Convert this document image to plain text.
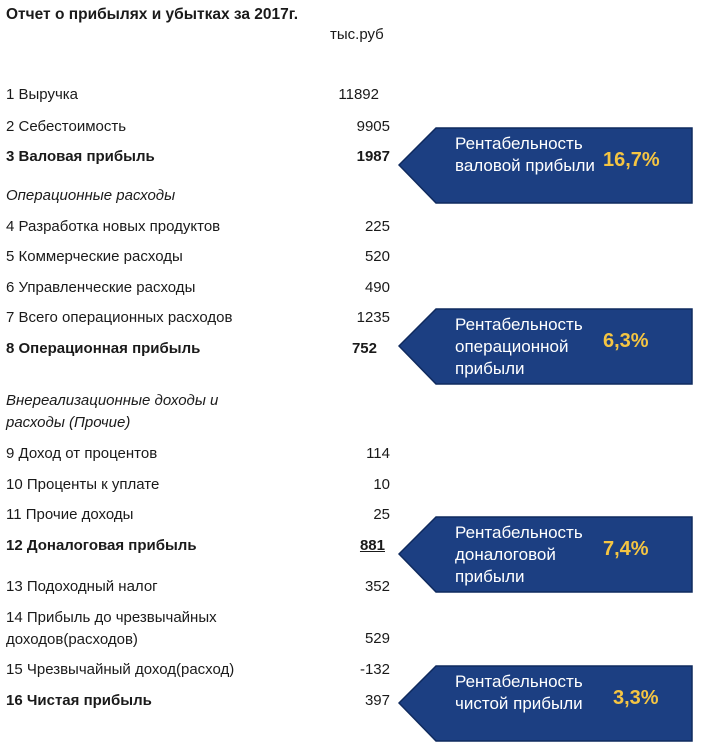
Отчет о прибылях и убытках за 2017г.
тыс.руб
1 Выручка
2 Себестоимость
3 Валовая прибыль
Операционные расходы
4 Разработка новых продуктов
5 Коммерческие расходы
6 Управленческие расходы
7 Всего операционных расходов
8 Операционная прибыль
Внереализационные доходы и расходы (Прочие)
9 Доход от процентов
10 Проценты к уплате
11 Прочие доходы
12 Доналоговая прибыль
13 Подоходный налог
14 Прибыль до чрезвычайных доходов(расходов)
15 Чрезвычайный доход(расход)
16 Чистая прибыль
11892
9905
1987
225
520
490
1235
752
114
10
25
881
352
529
-132
397
Рентабельность валовой прибыли 16,7%
Рентабельность операционной прибыли
6,3%
Рентабельность доналоговой прибыли
7,4%
Рентабельность чистой прибыли	3,3%
